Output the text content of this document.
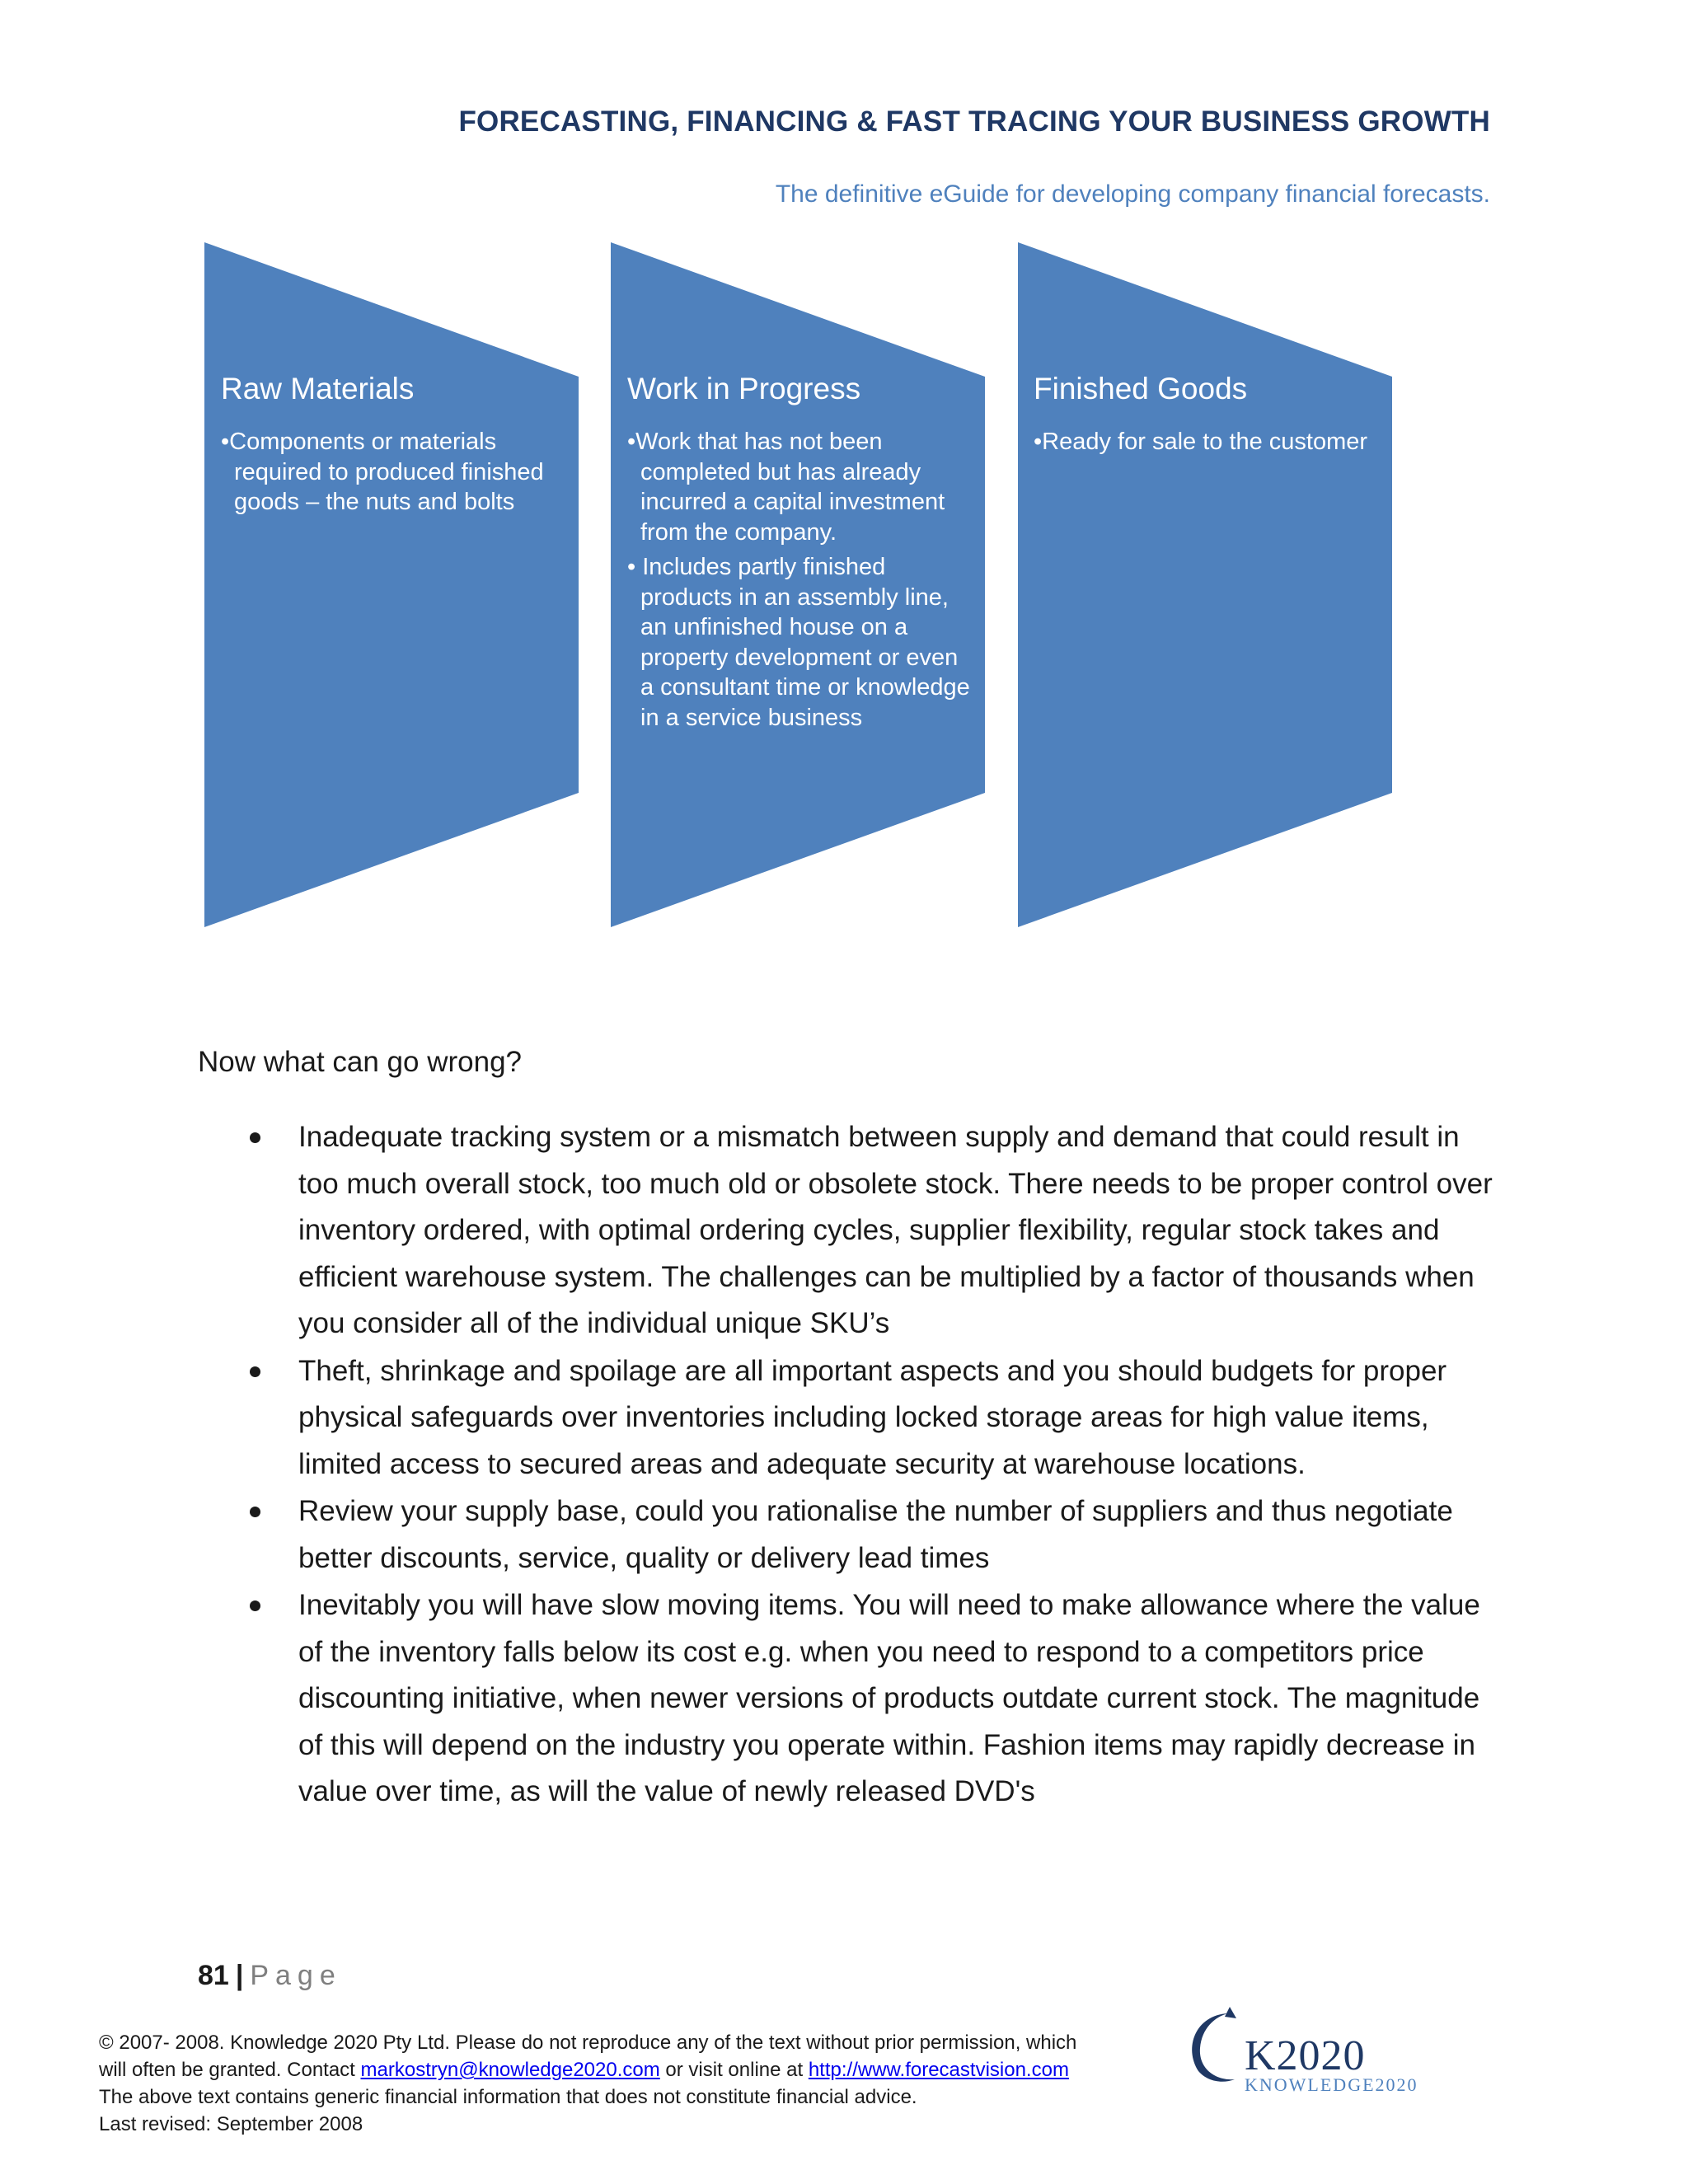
FORECASTING, FINANCING & FAST TRACING YOUR BUSINESS GROWTH
The definitive eGuide for developing company financial forecasts.
Raw Materials
•Components or materials required to produced finished goods – the nuts and bolts
Work in Progress
•Work that has not been completed but has already incurred a capital investment from the company.
• Includes partly finished products in an assembly line, an unfinished house on a property development or even a consultant time or knowledge in a service business
Finished Goods
•Ready for sale to the customer
Now what can go wrong?
Inadequate tracking system or a mismatch between supply and demand that could result in too much overall stock, too much old or obsolete stock. There needs to be proper control over inventory ordered, with optimal ordering cycles, supplier flexibility, regular stock takes and efficient warehouse system. The challenges can be multiplied by a factor of thousands when you consider all of the individual unique SKU’s
Theft, shrinkage and spoilage are all important aspects and you should budgets for proper physical safeguards over inventories including locked storage areas for high value items, limited access to secured areas and adequate security at warehouse locations.
Review your supply base, could you rationalise the number of suppliers and thus negotiate better discounts, service, quality or delivery lead times
Inevitably you will have slow moving items. You will need to make allowance where the value of the inventory falls below its cost e.g. when you need to respond to a competitors price discounting initiative, when newer versions of products outdate current stock. The magnitude of this will depend on the industry you operate within. Fashion items may rapidly decrease in value over time, as will the value of newly released DVD's
81 | Page
© 2007- 2008. Knowledge 2020 Pty Ltd. Please do not reproduce any of the text without prior permission, which
will often be granted. Contact markostryn@knowledge2020.com or visit online at http://www.forecastvision.com
The above text contains generic financial information that does not constitute financial advice.
Last revised: September 2008
K2020
KNOWLEDGE2020
